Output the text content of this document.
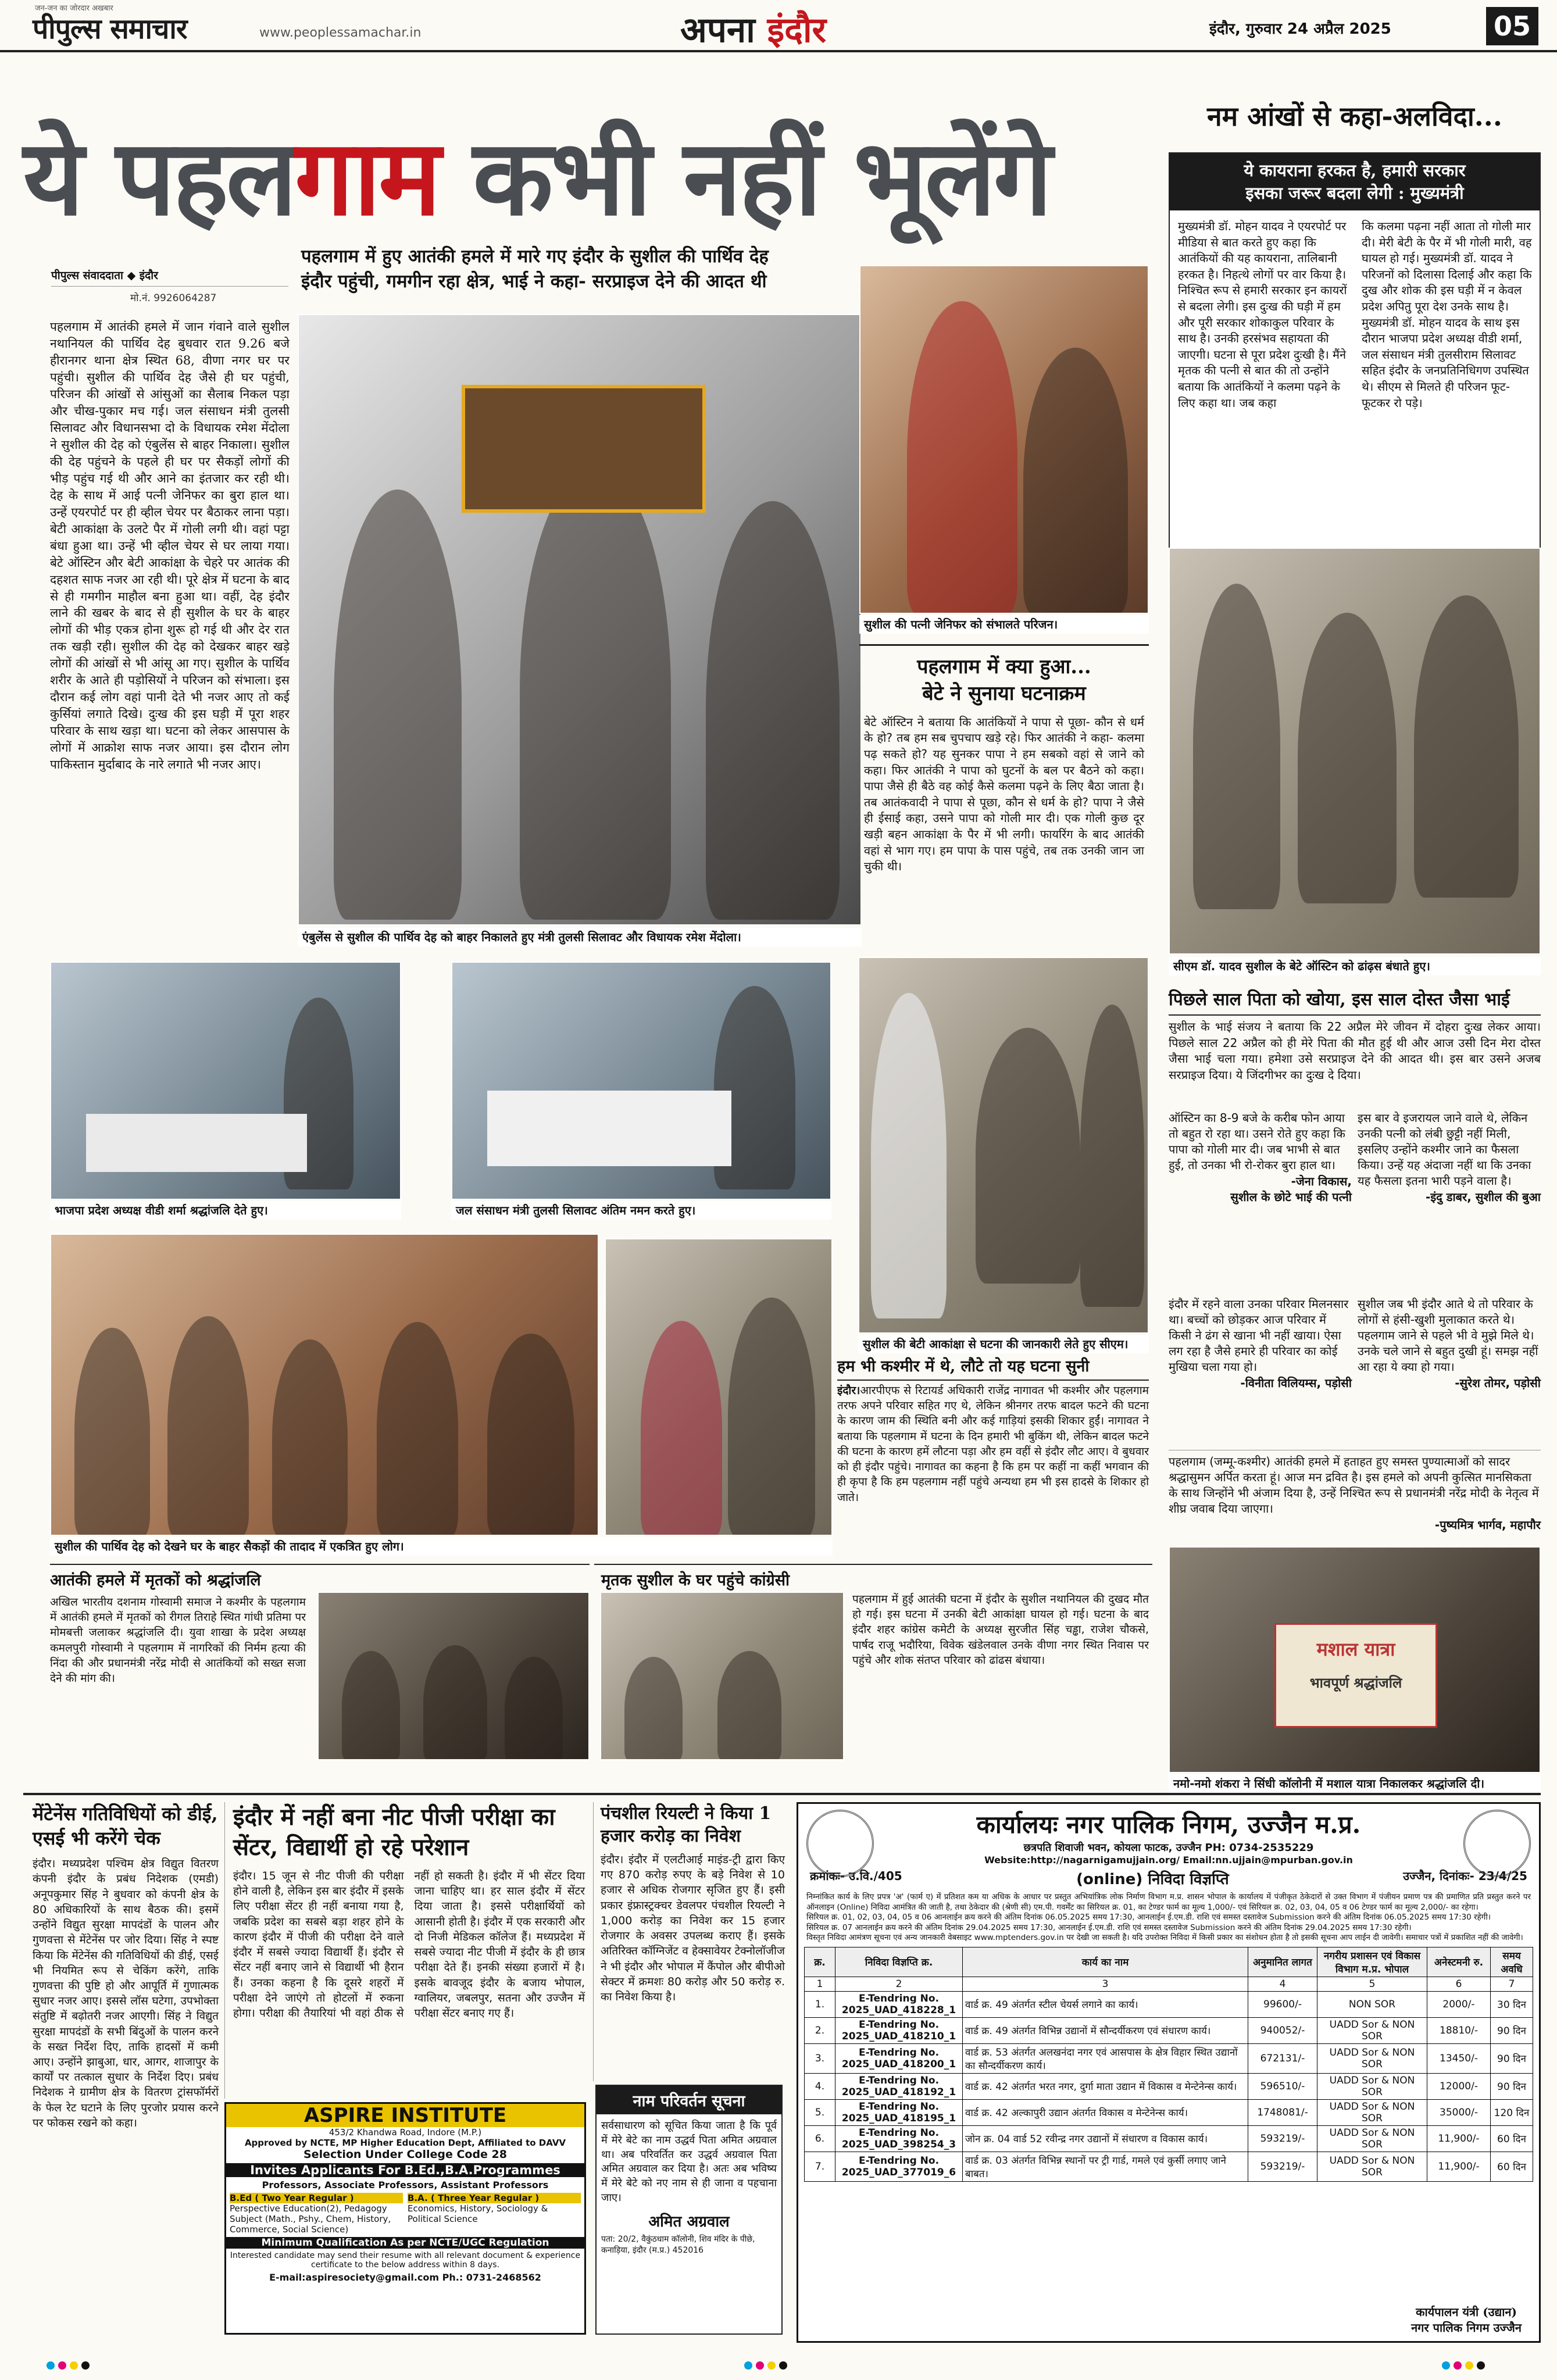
जन-जन का जोरदार अखबार
पीपुल्स समाचार	www.peoplessamachar.in	अपना इंदौर	इंदौर, गुरुवार 24 अप्रैल 2025	05
ये पहलगाम कभी नहीं भूलेंगे	नम आंखों से कहा-अलविदा...
पहलगाम में हुए आतंकी हमले में मारे गए इंदौर के सुशील की पार्थिव देह
इंदौर पहुंची, गमगीन रहा क्षेत्र, भाई ने कहा- सरप्राइज देने की आदत थी
पीपुल्स संवाददाता ◆ इंदौर
मो.नं. 9926064287
पहलगाम में आतंकी हमले में जान गंवाने वाले सुशील नथानियल की पार्थिव देह बुधवार रात 9.26 बजे हीरानगर थाना क्षेत्र स्थित 68, वीणा नगर घर पर पहुंची। सुशील की पार्थिव देह जैसे ही घर पहुंची, परिजन की आंखों से आंसुओं का सैलाब निकल पड़ा और चीख-पुकार मच गई। जल संसाधन मंत्री तुलसी सिलावट और विधानसभा दो के विधायक रमेश मेंदोला ने सुशील की देह को एंबुलेंस से बाहर निकाला। सुशील की देह पहुंचने के पहले ही घर पर सैकड़ों लोगों की भीड़ पहुंच गई थी और आने का इंतजार कर रही थी। देह के साथ में आई पत्नी जेनिफर का बुरा हाल था। उन्हें एयरपोर्ट पर ही व्हील चेयर पर बैठाकर लाना पड़ा। बेटी आकांक्षा के उलटे पैर में गोली लगी थी। वहां पट्टा बंधा हुआ था। उन्हें भी व्हील चेयर से घर लाया गया। बेटे ऑस्टिन और बेटी आकांक्षा के चेहरे पर आतंक की दहशत साफ नजर आ रही थी। पूरे क्षेत्र में घटना के बाद से ही गमगीन माहौल बना हुआ था। वहीं, देह इंदौर लाने की खबर के बाद से ही सुशील के घर के बाहर लोगों की भीड़ एकत्र होना शुरू हो गई थी और देर रात तक खड़ी रही। सुशील की देह को देखकर बाहर खड़े लोगों की आंखों से भी आंसू आ गए। सुशील के पार्थिव शरीर के आते ही पड़ोसियों ने परिजन को संभाला। इस दौरान कई लोग वहां पानी देते भी नजर आए तो कई कुर्सियां लगाते दिखे। दुःख की इस घड़ी में पूरा शहर परिवार के साथ खड़ा था। घटना को लेकर आसपास के लोगों में आक्रोश साफ नजर आया। इस दौरान लोग पाकिस्तान मुर्दाबाद के नारे लगाते भी नजर आए।
एंबुलेंस से सुशील की पार्थिव देह को बाहर निकालते हुए मंत्री तुलसी सिलावट और विधायक रमेश मेंदोला।
सुशील की पत्नी जेनिफर को संभालते परिजन।
पहलगाम में क्या हुआ...
बेटे ने सुनाया घटनाक्रम
बेटे ऑस्टिन ने बताया कि आतंकियों ने पापा से पूछा- कौन से धर्म के हो? तब हम सब चुपचाप खड़े रहे। फिर आतंकी ने कहा- कलमा पढ़ सकते हो? यह सुनकर पापा ने हम सबको वहां से जाने को कहा। फिर आतंकी ने पापा को घुटनों के बल पर बैठने को कहा। पापा जैसे ही बैठे वह कोई कैसे कलमा पढ़ने के लिए बैठा जाता है। तब आतंकवादी ने पापा से पूछा, कौन से धर्म के हो? पापा ने जैसे ही ईसाई कहा, उसने पापा को गोली मार दी। एक गोली कुछ दूर खड़ी बहन आकांक्षा के पैर में भी लगी। फायरिंग के बाद आतंकी वहां से भाग गए। हम पापा के पास पहुंचे, तब तक उनकी जान जा चुकी थी।
ये कायराना हरकत है, हमारी सरकार
इसका जरूर बदला लेगी : मुख्यमंत्री
मुख्यमंत्री डॉ. मोहन यादव ने एयरपोर्ट पर मीडिया से बात करते हुए कहा कि आतंकियों की यह कायराना, तालिबानी हरकत है। निहत्थे लोगों पर वार किया है। निश्चित रूप से हमारी सरकार इन कायरों से बदला लेगी। इस दुःख की घड़ी में हम और पूरी सरकार शोकाकुल परिवार के साथ है। उनकी हरसंभव सहायता की जाएगी। घटना से पूरा प्रदेश दुःखी है। मैंने मृतक की पत्नी से बात की तो उन्होंने बताया कि आतंकियों ने कलमा पढ़ने के लिए कहा था। जब कहा
कि कलमा पढ़ना नहीं आता तो गोली मार दी। मेरी बेटी के पैर में भी गोली मारी, वह घायल हो गई। मुख्यमंत्री डॉ. यादव ने परिजनों को दिलासा दिलाई और कहा कि दुख और शोक की इस घड़ी में न केवल प्रदेश अपितु पूरा देश उनके साथ है। मुख्यमंत्री डॉ. मोहन यादव के साथ इस दौरान भाजपा प्रदेश अध्यक्ष वीडी शर्मा, जल संसाधन मंत्री तुलसीराम सिलावट सहित इंदौर के जनप्रतिनिधिगण उपस्थित थे। सीएम से मिलते ही परिजन फूट-फूटकर रो पड़े।
सीएम डॉ. यादव सुशील के बेटे ऑस्टिन को ढांढ़स बंधाते हुए।
पिछले साल पिता को खोया, इस साल दोस्त जैसा भाई
सुशील के भाई संजय ने बताया कि 22 अप्रैल मेरे जीवन में दोहरा दुःख लेकर आया। पिछले साल 22 अप्रैल को ही मेरे पिता की मौत हुई थी और आज उसी दिन मेरा दोस्त जैसा भाई चला गया। हमेशा उसे सरप्राइज देने की आदत थी। इस बार उसने अजब सरप्राइज दिया। ये जिंदगीभर का दुःख दे दिया।
ऑस्टिन का 8-9 बजे के करीब फोन आया तो बहुत रो रहा था। उसने रोते हुए कहा कि पापा को गोली मार दी। जब भाभी से बात हुई, तो उनका भी रो-रोकर बुरा हाल था।
-जेना विकास,
सुशील के छोटे भाई की पत्नी
इस बार वे इजरायल जाने वाले थे, लेकिन उनकी पत्नी को लंबी छुट्टी नहीं मिली, इसलिए उन्होंने कश्मीर जाने का फैसला किया। उन्हें यह अंदाजा नहीं था कि उनका यह फैसला इतना भारी पड़ने वाला है।
-इंदु डाबर, सुशील की बुआ
इंदौर में रहने वाला उनका परिवार मिलनसार था। बच्चों को छोड़कर आज परिवार में किसी ने ढंग से खाना भी नहीं खाया। ऐसा लग रहा है जैसे हमारे ही परिवार का कोई मुखिया चला गया हो।
-विनीता विलियम्स, पड़ोसी
सुशील जब भी इंदौर आते थे तो परिवार के लोगों से हंसी-खुशी मुलाकात करते थे। पहलगाम जाने से पहले भी वे मुझे मिले थे। उनके चले जाने से बहुत दुखी हूं। समझ नहीं आ रहा ये क्या हो गया।
-सुरेश तोमर, पड़ोसी
पहलगाम (जम्मू-कश्मीर) आतंकी हमले में हताहत हुए समस्त पुण्यात्माओं को सादर श्रद्धासुमन अर्पित करता हूं। आज मन द्रवित है। इस हमले को अपनी कुत्सित मानसिकता के साथ जिन्होंने भी अंजाम दिया है, उन्हें निश्चित रूप से प्रधानमंत्री नरेंद्र मोदी के नेतृत्व में शीघ्र जवाब दिया जाएगा।
-पुष्यमित्र भार्गव, महापौर
मशाल यात्रा
भावपूर्ण श्रद्धांजलि
नमो-नमो शंकरा ने सिंधी कॉलोनी में मशाल यात्रा निकालकर श्रद्धांजलि दी।
भाजपा प्रदेश अध्यक्ष वीडी शर्मा श्रद्धांजलि देते हुए।	जल संसाधन मंत्री तुलसी सिलावट अंतिम नमन करते हुए।
सुशील की बेटी आकांक्षा से घटना की जानकारी लेते हुए सीएम।
सुशील की पार्थिव देह को देखने घर के बाहर सैकड़ों की तादाद में एकत्रित हुए लोग।
हम भी कश्मीर में थे, लौटे तो यह घटना सुनी
इंदौर।आरपीएफ से रिटायर्ड अधिकारी राजेंद्र नागावत भी कश्मीर और पहलगाम तरफ अपने परिवार सहित गए थे, लेकिन श्रीनगर तरफ बादल फटने की घटना के कारण जाम की स्थिति बनी और कई गाड़ियां इसकी शिकार हुईं। नागावत ने बताया कि पहलगाम में घटना के दिन हमारी भी बुकिंग थी, लेकिन बादल फटने की घटना के कारण हमें लौटना पड़ा और हम वहीं से इंदौर लौट आए। वे बुधवार को ही इंदौर पहुंचे। नागावत का कहना है कि हम पर कहीं ना कहीं भगवान की ही कृपा है कि हम पहलगाम नहीं पहुंचे अन्यथा हम भी इस हादसे के शिकार हो जाते।
आतंकी हमले में मृतकों को श्रद्धांजलि
अखिल भारतीय दशनाम गोस्वामी समाज ने कश्मीर के पहलगाम में आतंकी हमले में मृतकों को रीगल तिराहे स्थित गांधी प्रतिमा पर मोमबत्ती जलाकर श्रद्धांजलि दी। युवा शाखा के प्रदेश अध्यक्ष कमलपुरी गोस्वामी ने पहलगाम में नागरिकों की निर्मम हत्या की निंदा की और प्रधानमंत्री नरेंद्र मोदी से आतंकियों को सख्त सजा देने की मांग की।
मृतक सुशील के घर पहुंचे कांग्रेसी
पहलगाम में हुई आतंकी घटना में इंदौर के सुशील नथानियल की दुखद मौत हो गई। इस घटना में उनकी बेटी आकांक्षा घायल हो गई। घटना के बाद इंदौर शहर कांग्रेस कमेटी के अध्यक्ष सुरजीत सिंह चड्ढा, राजेश चौकसे, पार्षद राजू भदौरिया, विवेक खंडेलवाल उनके वीणा नगर स्थित निवास पर पहुंचे और शोक संतप्त परिवार को ढांढस बंधाया।
मेंटेनेंस गतिविधियों को डीई, एसई भी करेंगे चेक
इंदौर। मध्यप्रदेश पश्चिम क्षेत्र विद्युत वितरण कंपनी इंदौर के प्रबंध निदेशक (एमडी) अनूपकुमार सिंह ने बुधवार को कंपनी क्षेत्र के 80 अधिकारियों के साथ बैठक की। इसमें उन्होंने विद्युत सुरक्षा मापदंडों के पालन और गुणवत्ता से मेंटेनेंस पर जोर दिया। सिंह ने स्पष्ट किया कि मेंटेनेंस की गतिविधियों की डीई, एसई भी नियमित रूप से चेकिंग करेंगे, ताकि गुणवत्ता की पुष्टि हो और आपूर्ति में गुणात्मक सुधार नजर आए। इससे लॉस घटेगा, उपभोक्ता संतुष्टि में बढ़ोतरी नजर आएगी। सिंह ने विद्युत सुरक्षा मापदंडों के सभी बिंदुओं के पालन करने के सख्त निर्देश दिए, ताकि हादसों में कमी आए। उन्होंने झाबुआ, धार, आगर, शाजापुर के कार्यों पर तत्काल सुधार के निर्देश दिए। प्रबंध निदेशक ने ग्रामीण क्षेत्र के वितरण ट्रांसफॉर्मरों के फेल रेट घटाने के लिए पुरजोर प्रयास करने पर फोकस रखने को कहा।
इंदौर में नहीं बना नीट पीजी परीक्षा का सेंटर, विद्यार्थी हो रहे परेशान
इंदौर। 15 जून से नीट पीजी की परीक्षा होने वाली है, लेकिन इस बार इंदौर में इसके लिए परीक्षा सेंटर ही नहीं बनाया गया है, जबकि प्रदेश का सबसे बड़ा शहर होने के कारण इंदौर में पीजी की परीक्षा देने वाले इंदौर में सबसे ज्यादा विद्यार्थी हैं। इंदौर से सेंटर नहीं बनाए जाने से विद्यार्थी भी हैरान हैं। उनका कहना है कि दूसरे शहरों में परीक्षा देने जाएंगे तो होटलों में रुकना होगा। परीक्षा की तैयारियां भी वहां ठीक से नहीं हो सकती है। इंदौर में भी सेंटर दिया जाना चाहिए था। हर साल इंदौर में सेंटर दिया जाता है। इससे परीक्षार्थियों को आसानी होती है। इंदौर में एक सरकारी और दो निजी मेडिकल कॉलेज हैं। मध्यप्रदेश में सबसे ज्यादा नीट पीजी में इंदौर के ही छात्र परीक्षा देते हैं। इनकी संख्या हजारों में है। इसके बावजूद इंदौर के बजाय भोपाल, ग्वालियर, जबलपुर, सतना और उज्जैन में परीक्षा सेंटर बनाए गए हैं।
ASPIRE INSTITUTE
453/2 Khandwa Road, Indore (M.P.)
Approved by NCTE, MP Higher Education Dept, Affiliated to DAVV
Selection Under College Code 28
Invites Applicants For B.Ed.,B.A.Programmes
Professors, Associate Professors, Assistant Professors
B.Ed ( Two Year Regular )
Perspective Education(2), Pedagogy Subject (Math., Pshy., Chem, History, Commerce, Social Science)
B.A. ( Three Year Regular )
Economics, History, Sociology & Political Science
Minimum Qualification As per NCTE/UGC Regulation
Interested candidate may send their resume with all relevant document & experience certificate to the below address within 8 days.
E-mail:aspiresociety@gmail.com Ph.: 0731-2468562
पंचशील रियल्टी ने किया 1 हजार करोड़ का निवेश
इंदौर। इंदौर में एलटीआई माइंड-ट्री द्वारा किए गए 870 करोड़ रुपए के बड़े निवेश से 10 हजार से अधिक रोजगार सृजित हुए हैं। इसी प्रकार इंफ्रास्ट्रक्चर डेवलपर पंचशील रियल्टी ने 1,000 करोड़ का निवेश कर 15 हजार रोजगार के अवसर उपलब्ध कराए हैं। इसके अतिरिक्त कॉग्निजेंट व हेक्सावेयर टेक्नोलॉजीज ने भी इंदौर और भोपाल में कैंपोल और बीपीओ सेक्टर में क्रमशः 80 करोड़ और 50 करोड़ रु. का निवेश किया है।
नाम परिवर्तन सूचना
सर्वसाधारण को सूचित किया जाता है कि पूर्व में मेरे बेटे का नाम उद्धर्व पिता अमित अग्रवाल था। अब परिवर्तित कर उद्धर्व अग्रवाल पिता अमित अग्रवाल कर दिया है। अतः अब भविष्य में मेरे बेटे को नए नाम से ही जाना व पहचाना जाए।
अमित अग्रवाल
पता: 20/2, वैकुंठधाम कॉलोनी, शिव मंदिर के पीछे, कनाड़िया, इंदौर (म.प्र.) 452016
कार्यालयः नगर पालिक निगम, उज्जैन म.प्र.
छत्रपति शिवाजी भवन, कोयला फाटक, उज्जैन PH: 0734-2535229
Website:http://nagarnigamujjain.org/ Email:nn.ujjain@mpurban.gov.in
क्रमांकः- उ.वि./405	(online) निविदा विज्ञप्ति	उज्जैन, दिनांकः- 23/4/25
निम्नांकित कार्य के लिए प्रपत्र 'अ' (फार्म ए) में प्रतिशत कम या अधिक के आधार पर प्रस्तुत अभियांत्रिक लोक निर्माण विभाग म.प्र. शासन भोपाल के कार्यालय में पंजीकृत ठेकेदारों से उक्त विभाग में पंजीयन प्रमाण पत्र की प्रमाणित प्रति प्रस्तुत करने पर ऑनलाइन (Online) निविदा आमंत्रित की जाती है, तथा ठेकेदार की (श्रेणी सी) एम.पी. गवर्मेंट का सिरियल क्र. 01, का टेण्डर फार्म का मूल्य 1,000/- एवं सिरियल क्र. 02, 03, 04, 05 व 06 टेण्डर फार्म का मूल्य 2,000/- का रहेगा।
सिरियल क्र. 01, 02, 03, 04, 05 व 06 आनलाईन क्रय करने की अंतिम दिनांक 06.05.2025 समय 17:30, आनलाईन ई.एम.डी. राशि एवं समस्त दस्तावेज Submission करने की अंतिम दिनांक 06.05.2025 समय 17:30 रहेगी।
सिरियल क्र. 07 आनलाईन क्रय करने की अंतिम दिनांक 29.04.2025 समय 17:30, आनलाईन ई.एम.डी. राशि एवं समस्त दस्तावेज Submission करने की अंतिम दिनांक 29.04.2025 समय 17:30 रहेगी।
विस्तृत निविदा आमंत्रण सूचना एवं अन्य जानकारी वेबसाइट www.mptenders.gov.in पर देखी जा सकती है। यदि उपरोक्त निविदा में किसी प्रकार का संशोधन होता है तो इसकी सूचना आप लाईन दी जावेगी। समाचार पत्रों में प्रकाशित नहीं की जावेगी।
क्र.	निविदा विज्ञप्ति क्र.	कार्य का नाम	अनुमानित लागत	नगरीय प्रशासन एवं विकास विभाग म.प्र. भोपाल	अनेस्टमनी रु.	समय अवधि
1	2	3	4	5	6	7
1.	E-Tendring No. 2025_UAD_418228_1	वार्ड क्र. 49 अंतर्गत स्टील चेयर्स लगाने का कार्य।	99600/-	NON SOR	2000/-	30 दिन
2.	E-Tendring No. 2025_UAD_418210_1	वार्ड क्र. 49 अंतर्गत विभिन्न उद्यानों में सौन्दर्यीकरण एवं संधारण कार्य।	940052/-	UADD Sor & NON SOR	18810/-	90 दिन
3.	E-Tendring No. 2025_UAD_418200_1	वार्ड क्र. 53 अंतर्गत अलखनंदा नगर एवं आसपास के क्षेत्र विहार स्थित उद्यानों का सौन्दर्यीकरण कार्य।	672131/-	UADD Sor & NON SOR	13450/-	90 दिन
4.	E-Tendring No. 2025_UAD_418192_1	वार्ड क्र. 42 अंतर्गत भरत नगर, दुर्गा माता उद्यान में विकास व मेन्टेनेन्स कार्य।	596510/-	UADD Sor & NON SOR	12000/-	90 दिन
5.	E-Tendring No. 2025_UAD_418195_1	वार्ड क्र. 42 अल्कापुरी उद्यान अंतर्गत विकास व मेन्टेनेन्स कार्य।	1748081/-	UADD Sor & NON SOR	35000/-	120 दिन
6.	E-Tendring No. 2025_UAD_398254_3	जोन क्र. 04 वार्ड 52 रवीन्द्र नगर उद्यानों में संधारण व विकास कार्य।	593219/-	UADD Sor & NON SOR	11,900/-	60 दिन
7.	E-Tendring No. 2025_UAD_377019_6	वार्ड क्र. 03 अंतर्गत विभिन्न स्थानों पर ट्री गार्ड, गमले एवं कुर्सी लगाए जाने बाबत।	593219/-	UADD Sor & NON SOR	11,900/-	60 दिन
कार्यपालन यंत्री (उद्यान)
नगर पालिक निगम उज्जैन
